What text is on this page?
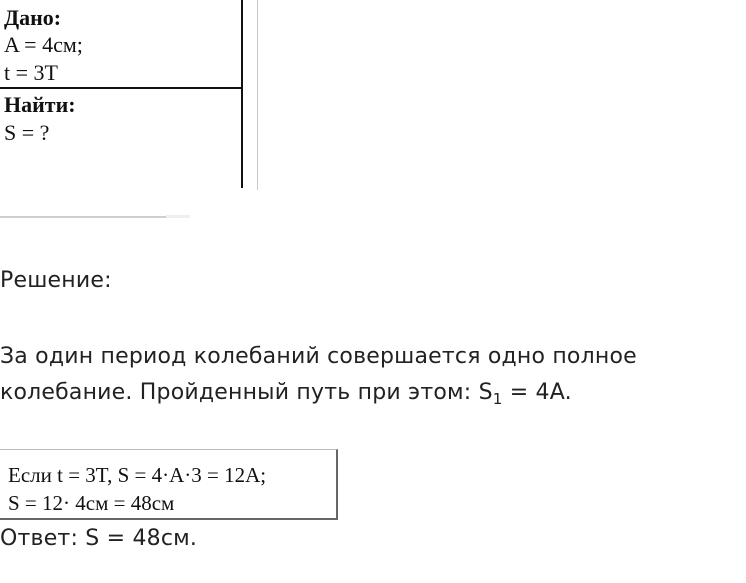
Дано:
A = 4см;
t = 3T
Найти:
S = ?
Решение:
За один период колебаний совершается одно полное
колебание. Пройденный путь при этом: $S_1 = 4A$.
Если t = 3T, S = 4·A·3 = 12A;
S = 12· 4см = 48см
Ответ: S = 48см.
